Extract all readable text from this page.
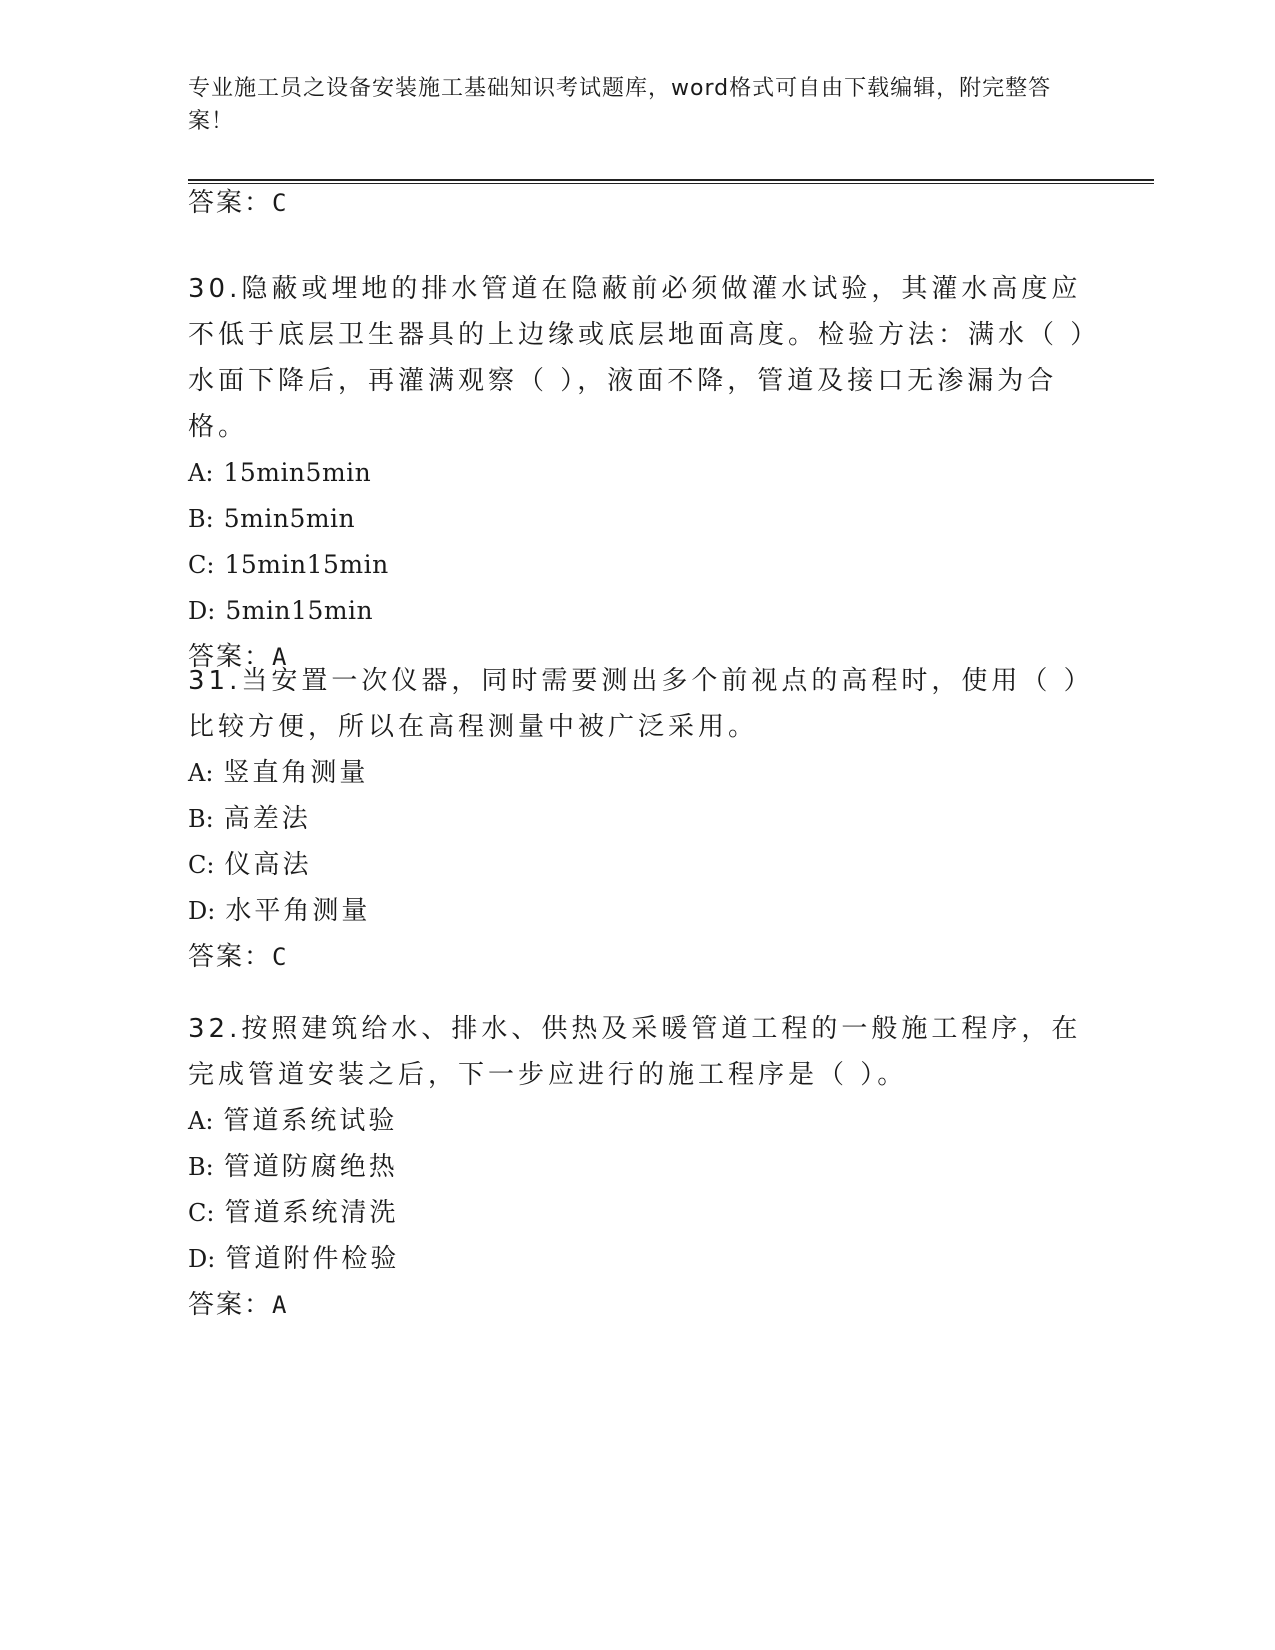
专业施工员之设备安装施工基础知识考试题库，word格式可自由下载编辑，附完整答案！
答案：C
30.隐蔽或埋地的排水管道在隐蔽前必须做灌水试验，其灌水高度应不低于底层卫生器具的上边缘或底层地面高度。检验方法：满水（ ）水面下降后，再灌满观察（ ），液面不降，管道及接口无渗漏为合格。
A: 15min5min
B: 5min5min
C: 15min15min
D: 5min15min
答案：A
31.当安置一次仪器，同时需要测出多个前视点的高程时，使用（ ）比较方便，所以在高程测量中被广泛采用。
A: 竖直角测量
B: 高差法
C: 仪高法
D: 水平角测量
答案：C
32.按照建筑给水、排水、供热及采暖管道工程的一般施工程序，在完成管道安装之后，下一步应进行的施工程序是（ ）。
A: 管道系统试验
B: 管道防腐绝热
C: 管道系统清洗
D: 管道附件检验
答案：A
